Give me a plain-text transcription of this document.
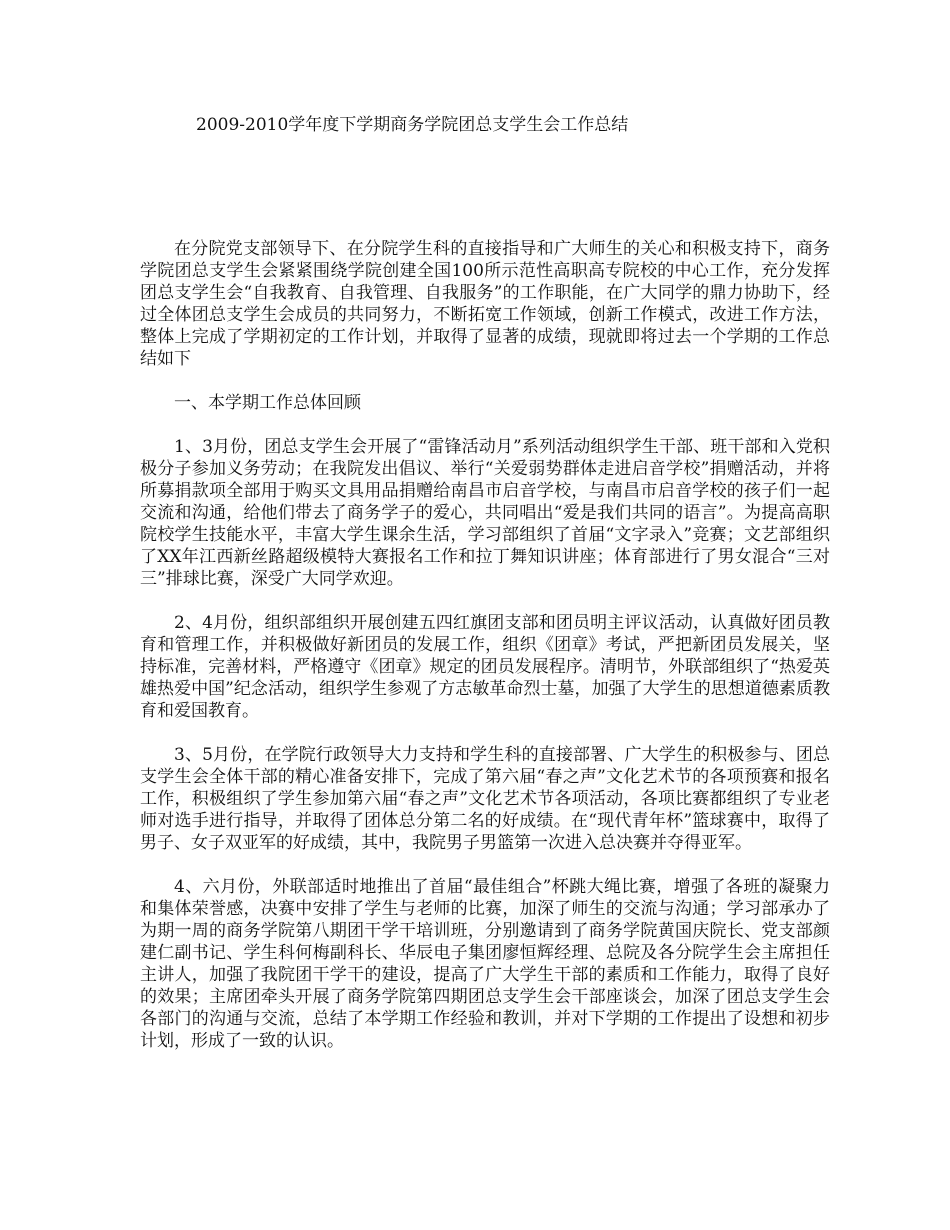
2009-2010学年度下学期商务学院团总支学生会工作总结

在分院党支部领导下、在分院学生科的直接指导和广大师生的关心和积极支持下，商务学院团总支学生会紧紧围绕学院创建全国100所示范性高职高专院校的中心工作，充分发挥团总支学生会“自我教育、自我管理、自我服务”的工作职能，在广大同学的鼎力协助下，经过全体团总支学生会成员的共同努力，不断拓宽工作领域，创新工作模式，改进工作方法，整体上完成了学期初定的工作计划，并取得了显著的成绩，现就即将过去一个学期的工作总结如下

一、本学期工作总体回顾

1、3月份，团总支学生会开展了“雷锋活动月”系列活动组织学生干部、班干部和入党积极分子参加义务劳动；在我院发出倡议、举行“关爱弱势群体走进启音学校”捐赠活动，并将所募捐款项全部用于购买文具用品捐赠给南昌市启音学校，与南昌市启音学校的孩子们一起交流和沟通，给他们带去了商务学子的爱心，共同唱出“爱是我们共同的语言”。为提高高职院校学生技能水平，丰富大学生课余生活，学习部组织了首届“文字录入”竞赛；文艺部组织了XX年江西新丝路超级模特大赛报名工作和拉丁舞知识讲座；体育部进行了男女混合“三对三”排球比赛，深受广大同学欢迎。

2、4月份，组织部组织开展创建五四红旗团支部和团员明主评议活动，认真做好团员教育和管理工作，并积极做好新团员的发展工作，组织《团章》考试，严把新团员发展关，坚持标准，完善材料，严格遵守《团章》规定的团员发展程序。清明节，外联部组织了“热爱英雄热爱中国”纪念活动，组织学生参观了方志敏革命烈士墓，加强了大学生的思想道德素质教育和爱国教育。

3、5月份，在学院行政领导大力支持和学生科的直接部署、广大学生的积极参与、团总支学生会全体干部的精心准备安排下，完成了第六届“春之声”文化艺术节的各项预赛和报名工作，积极组织了学生参加第六届“春之声”文化艺术节各项活动，各项比赛都组织了专业老师对选手进行指导，并取得了团体总分第二名的好成绩。在“现代青年杯”篮球赛中，取得了男子、女子双亚军的好成绩，其中，我院男子男篮第一次进入总决赛并夺得亚军。

4、六月份，外联部适时地推出了首届“最佳组合”杯跳大绳比赛，增强了各班的凝聚力和集体荣誉感，决赛中安排了学生与老师的比赛，加深了师生的交流与沟通；学习部承办了为期一周的商务学院第八期团干学干培训班，分别邀请到了商务学院黄国庆院长、党支部颜建仁副书记、学生科何梅副科长、华辰电子集团廖恒辉经理、总院及各分院学生会主席担任主讲人，加强了我院团干学干的建设，提高了广大学生干部的素质和工作能力，取得了良好的效果；主席团牵头开展了商务学院第四期团总支学生会干部座谈会，加深了团总支学生会各部门的沟通与交流，总结了本学期工作经验和教训，并对下学期的工作提出了设想和初步计划，形成了一致的认识。
